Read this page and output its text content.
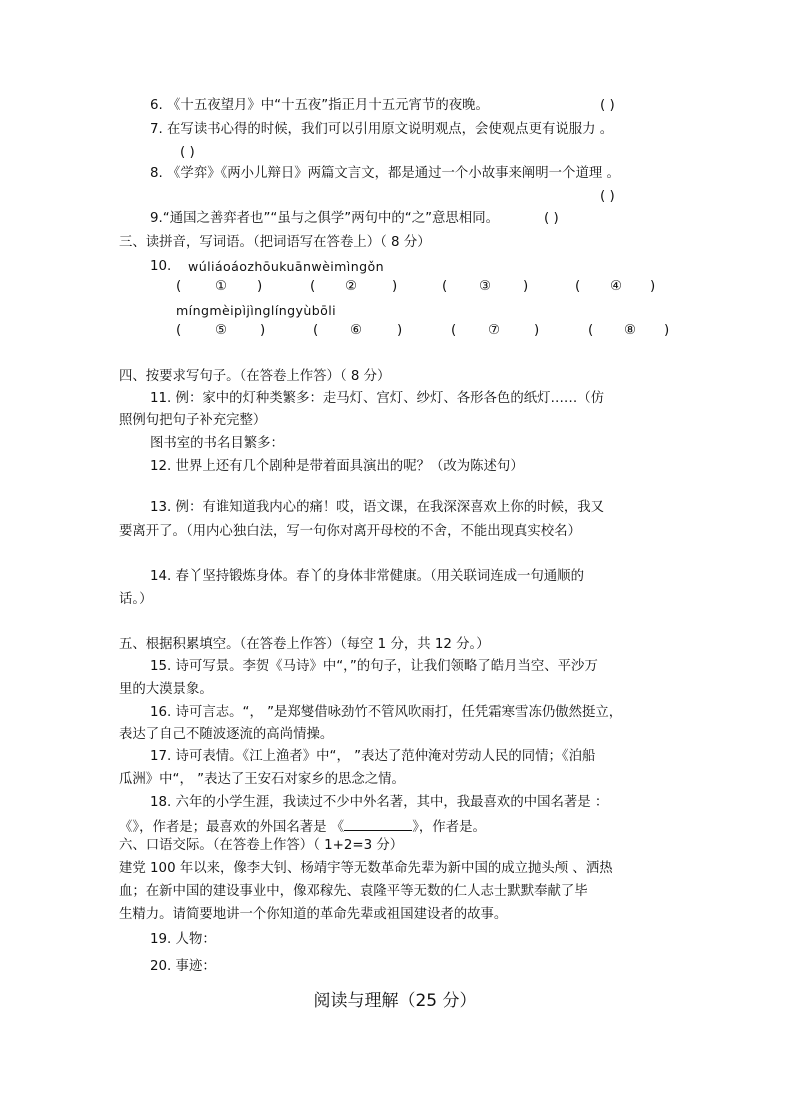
6. 《十五夜望月》中“十五夜”指正月十五元宵节的夜晚。	( )
7. 在写读书心得的时候，我们可以引用原文说明观点，会使观点更有说服力 。
( )
8. 《学弈》《两小儿辩日》两篇文言文，都是通过一个小故事来阐明一个道理 。
( )
9.“通国之善弈者也”“虽与之俱学”两句中的“之”意思相同。	( )
三、读拼音，写词语。（把词语写在答卷上）（ 8 分）
10. wúliáoáozhōukuānwèimìngǒn
(	① )	( ②	)	( ③ )	( ④ )
míngmèipìjìnglíngyùbōli
(	⑤ )	( ⑥	)	( ⑦	)	( ⑧ )
四、按要求写句子。（在答卷上作答）（ 8 分）
11. 例：家中的灯种类繁多：走马灯、宫灯、纱灯、各形各色的纸灯……（仿
照例句把句子补充完整）
图书室的书名目繁多：
12. 世界上还有几个剧种是带着面具演出的呢？（改为陈述句）
13. 例：有谁知道我内心的痛！哎，语文课，在我深深喜欢上你的时候，我又
要离开了。（用内心独白法，写一句你对离开母校的不舍，不能出现真实校名）
14. 春丫坚持锻炼身体。春丫的身体非常健康。（用关联词连成一句通顺的
话。）
五、根据积累填空。（在答卷上作答）（每空 1 分，共 12 分。）
15. 诗可写景。李贺《马诗》中“，”的句子，让我们领略了皓月当空、平沙万
里的大漠景象。
16. 诗可言志。“， ”是郑燮借咏劲竹不管风吹雨打，任凭霜寒雪冻仍傲然挺立，
表达了自己不随波逐流的高尚情操。
17. 诗可表情。《江上渔者》中“， ”表达了范仲淹对劳动人民的同情；《泊船
瓜洲》中“， ”表达了王安石对家乡的思念之情。
18. 六年的小学生涯，我读过不少中外名著，其中，我最喜欢的中国名著是 ：
《》，作者是；最喜欢的外国名著是 《	》，作者是。
六、口语交际。（在答卷上作答）（ 1+2=3 分）
建党 100 年以来，像李大钊、杨靖宇等无数革命先辈为新中国的成立抛头颅 、洒热
血；在新中国的建设事业中，像邓稼先、袁隆平等无数的仁人志士默默奉献了毕
生精力。请简要地讲一个你知道的革命先辈或祖国建设者的故事。
19. 人物：
20. 事迹：
阅读与理解（25 分）
